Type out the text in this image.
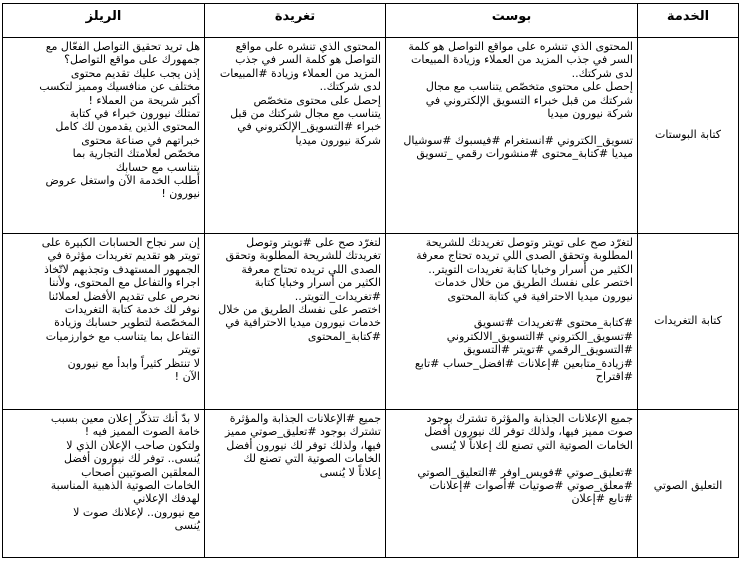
الخدمة
بوست
تغريدة
الريلز
كتابة البوستات
المحتوى الذي تنشره على مواقع التواصل هو كلمة
السر في جذب المزيد من العملاء وزيادة المبيعات
لدى شركتك..
إحصل على محتوى متخصّص يتناسب مع مجال
شركتك من قبل خبراء التسويق الإلكتروني في
شركة نيورون ميديا

تسويق_الكتروني #انستغرام #فيسبوك #سوشيال
ميديا #كتابة_محتوى #منشورات رقمي _تسويق
المحتوى الذي تنشره على مواقع
التواصل هو كلمة السر في جذب
المزيد من العملاء وزيادة #المبيعات
لدى شركتك..
إحصل على محتوى متخصّص
يتناسب مع مجال شركتك من قبل
خبراء #التسويق_الإلكتروني في
شركة نيورون ميديا
هل تريد تحقيق التواصل الفعّال مع
جمهورك على مواقع التواصل؟
إذن يجب عليك تقديم محتوى
مختلف عن منافسيك ومميز لتكسب
أكبر شريحة من العملاء !
تمتلك نيورون خبراء في كتابة
المحتوى الذين يقدمون لك كامل
خبراتهم في صناعة محتوى
مخصّص لعلامتك التجارية بما
يتناسب مع حسابك
أطلب الخدمة الآن واستغل عروض
نيورون !
كتابة التغريدات
لتغرّد صح على تويتر وتوصل تغريدتك للشريحة
المطلوبة وتحقق الصدى اللي تريده تحتاج معرفة
الكثير من أسرار وخبايا كتابة تغريدات التويتر..
اختصر على نفسك الطريق من خلال خدمات
نيورون ميديا الاحترافية في كتابة المحتوى

#كتابة_محتوى #تغريدات #تسويق
#تسويق_الكتروني #التسويق_الالكتروني
#التسويق_الرقمي #تويتر #التسويق
#زيادة_متابعين #إعلانات #افضل_حساب #تابع
#اقتراح
لتغرّد صح على #تويتر وتوصل
تغريدتك للشريحة المطلوبة وتحقق
الصدى اللي تريده تحتاج معرفة
الكثير من أسرار وخبايا كتابة
#تغريدات_التويتر..
اختصر على نفسك الطريق من خلال
خدمات نيورون ميديا الاحترافية في
#كتابة_المحتوى
إن سر نجاح الحسابات الكبيرة على
تويتر هو تقديم تغريدات مؤثرة في
الجمهور المستهدف وتجذبهم لاتّخاذ
اجراء والتفاعل مع المحتوى، ولأننا
نحرص على تقديم الأفضل لعملائنا
نوفر لك خدمة كتابة التغريدات
المخصّصة لتطوير حسابك وزيادة
التفاعل بما يتناسب مع خوارزميات
تويتر
لا تنتظر كثيراً وابدأ مع نيورون
الآن !
التعليق الصوتي
جميع الإعلانات الجذابة والمؤثرة تشترك بوجود
صوت مميز فيها، ولذلك توفر لك نيورون أفضل
الخامات الصوتية التي تصنع لك إعلاناً لا يُنسى

#تعليق_صوتي #فويس_اوفر #التعليق_الصوتي
#معلق_صوتي #صوتيات #أصوات #إعلانات
#تابع #إعلان
جميع #الإعلانات الجذابة والمؤثرة
تشترك بوجود #تعليق_صوتي مميز
فيها، ولذلك توفر لك نيورون أفضل
الخامات الصوتية التي تصنع لك
إعلاناً لا يُنسى
لا بدّ أنك تتذكّر إعلان معين بسبب
خامة الصوت المميز فيه !
ولتكون صاحب الإعلان الذي لا
يُنسى.. توفر لك نيورون أفضل
المعلقين الصوتيين أصحاب
الخامات الصوتية الذهبية المناسبة
لهدفك الإعلاني
مع نيورون.. لإعلانك صوت لا
يُنسى
